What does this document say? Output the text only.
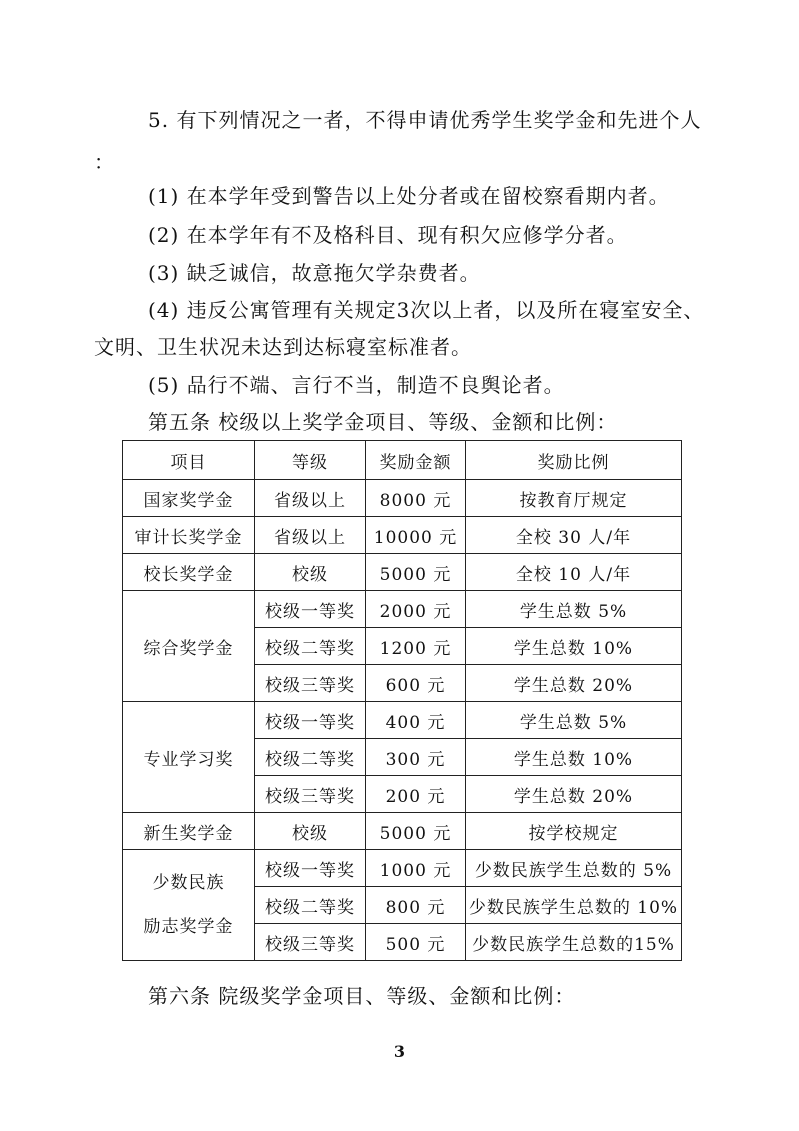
5. 有下列情况之一者，不得申请优秀学生奖学金和先进个人
：
(1) 在本学年受到警告以上处分者或在留校察看期内者。
(2) 在本学年有不及格科目、现有积欠应修学分者。
(3) 缺乏诚信，故意拖欠学杂费者。
(4) 违反公寓管理有关规定3次以上者，以及所在寝室安全、
文明、卫生状况未达到达标寝室标准者。
(5) 品行不端、言行不当，制造不良舆论者。
第五条 校级以上奖学金项目、等级、金额和比例：
项目	等级	奖励金额	奖励比例
国家奖学金	省级以上	8000 元	按教育厅规定
审计长奖学金	省级以上	10000 元	全校 30 人/年
校长奖学金	校级	5000 元	全校 10 人/年
综合奖学金	校级一等奖	2000 元	学生总数 5%
	校级二等奖	1200 元	学生总数 10%
	校级三等奖	600 元	学生总数 20%
专业学习奖	校级一等奖	400 元	学生总数 5%
	校级二等奖	300 元	学生总数 10%
	校级三等奖	200 元	学生总数 20%
新生奖学金	校级	5000 元	按学校规定

少数民族
励志奖学金	校级一等奖	1000 元	少数民族学生总数的 5%
	校级二等奖	800 元	少数民族学生总数的 10%
	校级三等奖	500 元	少数民族学生总数的15%
第六条 院级奖学金项目、等级、金额和比例：
3
